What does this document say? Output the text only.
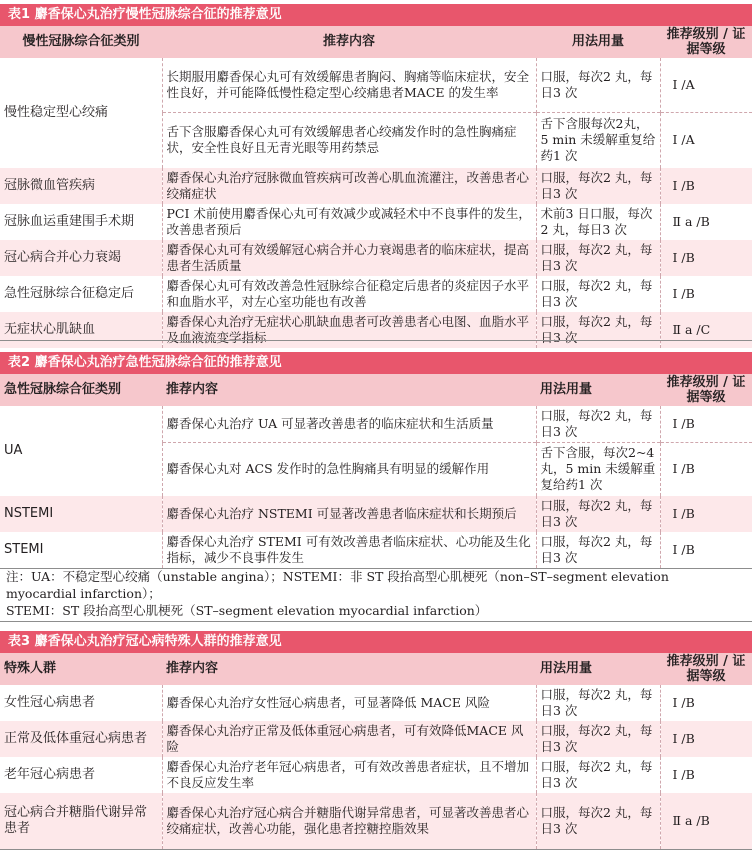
表1 麝香保心丸治疗慢性冠脉综合征的推荐意见
慢性冠脉综合征类别	推荐内容	用法用量	推荐级别 / 证据等级
慢性稳定型心绞痛	长期服用麝香保心丸可有效缓解患者胸闷、胸痛等临床症状，安全性良好，并可能降低慢性稳定型心绞痛患者MACE 的发生率	口服，每次2 丸，每日3 次	Ⅰ /A
	舌下含服麝香保心丸可有效缓解患者心绞痛发作时的急性胸痛症状，安全性良好且无青光眼等用药禁忌	舌下含服每次2丸，5 min 未缓解重复给药1 次	Ⅰ /A
冠脉微血管疾病	麝香保心丸治疗冠脉微血管疾病可改善心肌血流灌注，改善患者心绞痛症状	口服，每次2 丸，每日3 次	Ⅰ /B
冠脉血运重建围手术期	PCI 术前使用麝香保心丸可有效减少或减轻术中不良事件的发生，改善患者预后	术前3 日口服，每次2 丸，每日3 次	Ⅱ a /B
冠心病合并心力衰竭	麝香保心丸可有效缓解冠心病合并心力衰竭患者的临床症状，提高患者生活质量	口服，每次2 丸，每日3 次	Ⅰ /B
急性冠脉综合征稳定后	麝香保心丸可有效改善急性冠脉综合征稳定后患者的炎症因子水平和血脂水平，对左心室功能也有改善	口服，每次2 丸，每日3 次	Ⅰ /B
无症状心肌缺血	麝香保心丸治疗无症状心肌缺血患者可改善患者心电图、血脂水平及血液流变学指标	口服，每次2 丸，每日3 次	Ⅱ a /C
表2 麝香保心丸治疗急性冠脉综合征的推荐意见
急性冠脉综合征类别	推荐内容	用法用量	推荐级别 / 证据等级
UA	麝香保心丸治疗 UA 可显著改善患者的临床症状和生活质量	口服，每次2 丸，每日3 次	Ⅰ /B
	麝香保心丸对 ACS 发作时的急性胸痛具有明显的缓解作用	舌下含服，每次2~4丸，5 min 未缓解重复给药1 次	Ⅰ /B
NSTEMI	麝香保心丸治疗 NSTEMI 可显著改善患者临床症状和长期预后	口服，每次2 丸，每日3 次	Ⅰ /B
STEMI	麝香保心丸治疗 STEMI 可有效改善患者临床症状、心功能及生化指标，减少不良事件发生	口服，每次2 丸，每日3 次	Ⅰ /B
注：UA：不稳定型心绞痛（unstable angina）；NSTEMI：非 ST 段抬高型心肌梗死（non–ST–segment elevation
myocardial infarction）；
STEMI：ST 段抬高型心肌梗死（ST–segment elevation myocardial infarction）
表3 麝香保心丸治疗冠心病特殊人群的推荐意见
特殊人群	推荐内容	用法用量	推荐级别 / 证据等级
女性冠心病患者	麝香保心丸治疗女性冠心病患者，可显著降低 MACE 风险	口服，每次2 丸，每日3 次	Ⅰ /B
正常及低体重冠心病患者	麝香保心丸治疗正常及低体重冠心病患者，可有效降低MACE 风险	口服，每次2 丸，每日3 次	Ⅰ /B
老年冠心病患者	麝香保心丸治疗老年冠心病患者，可有效改善患者症状，且不增加不良反应发生率	口服，每次2 丸，每日3 次	Ⅰ /B
冠心病合并糖脂代谢异常患者	麝香保心丸治疗冠心病合并糖脂代谢异常患者，可显著改善患者心绞痛症状，改善心功能，强化患者控糖控脂效果	口服，每次2 丸，每日3 次	Ⅱ a /B
